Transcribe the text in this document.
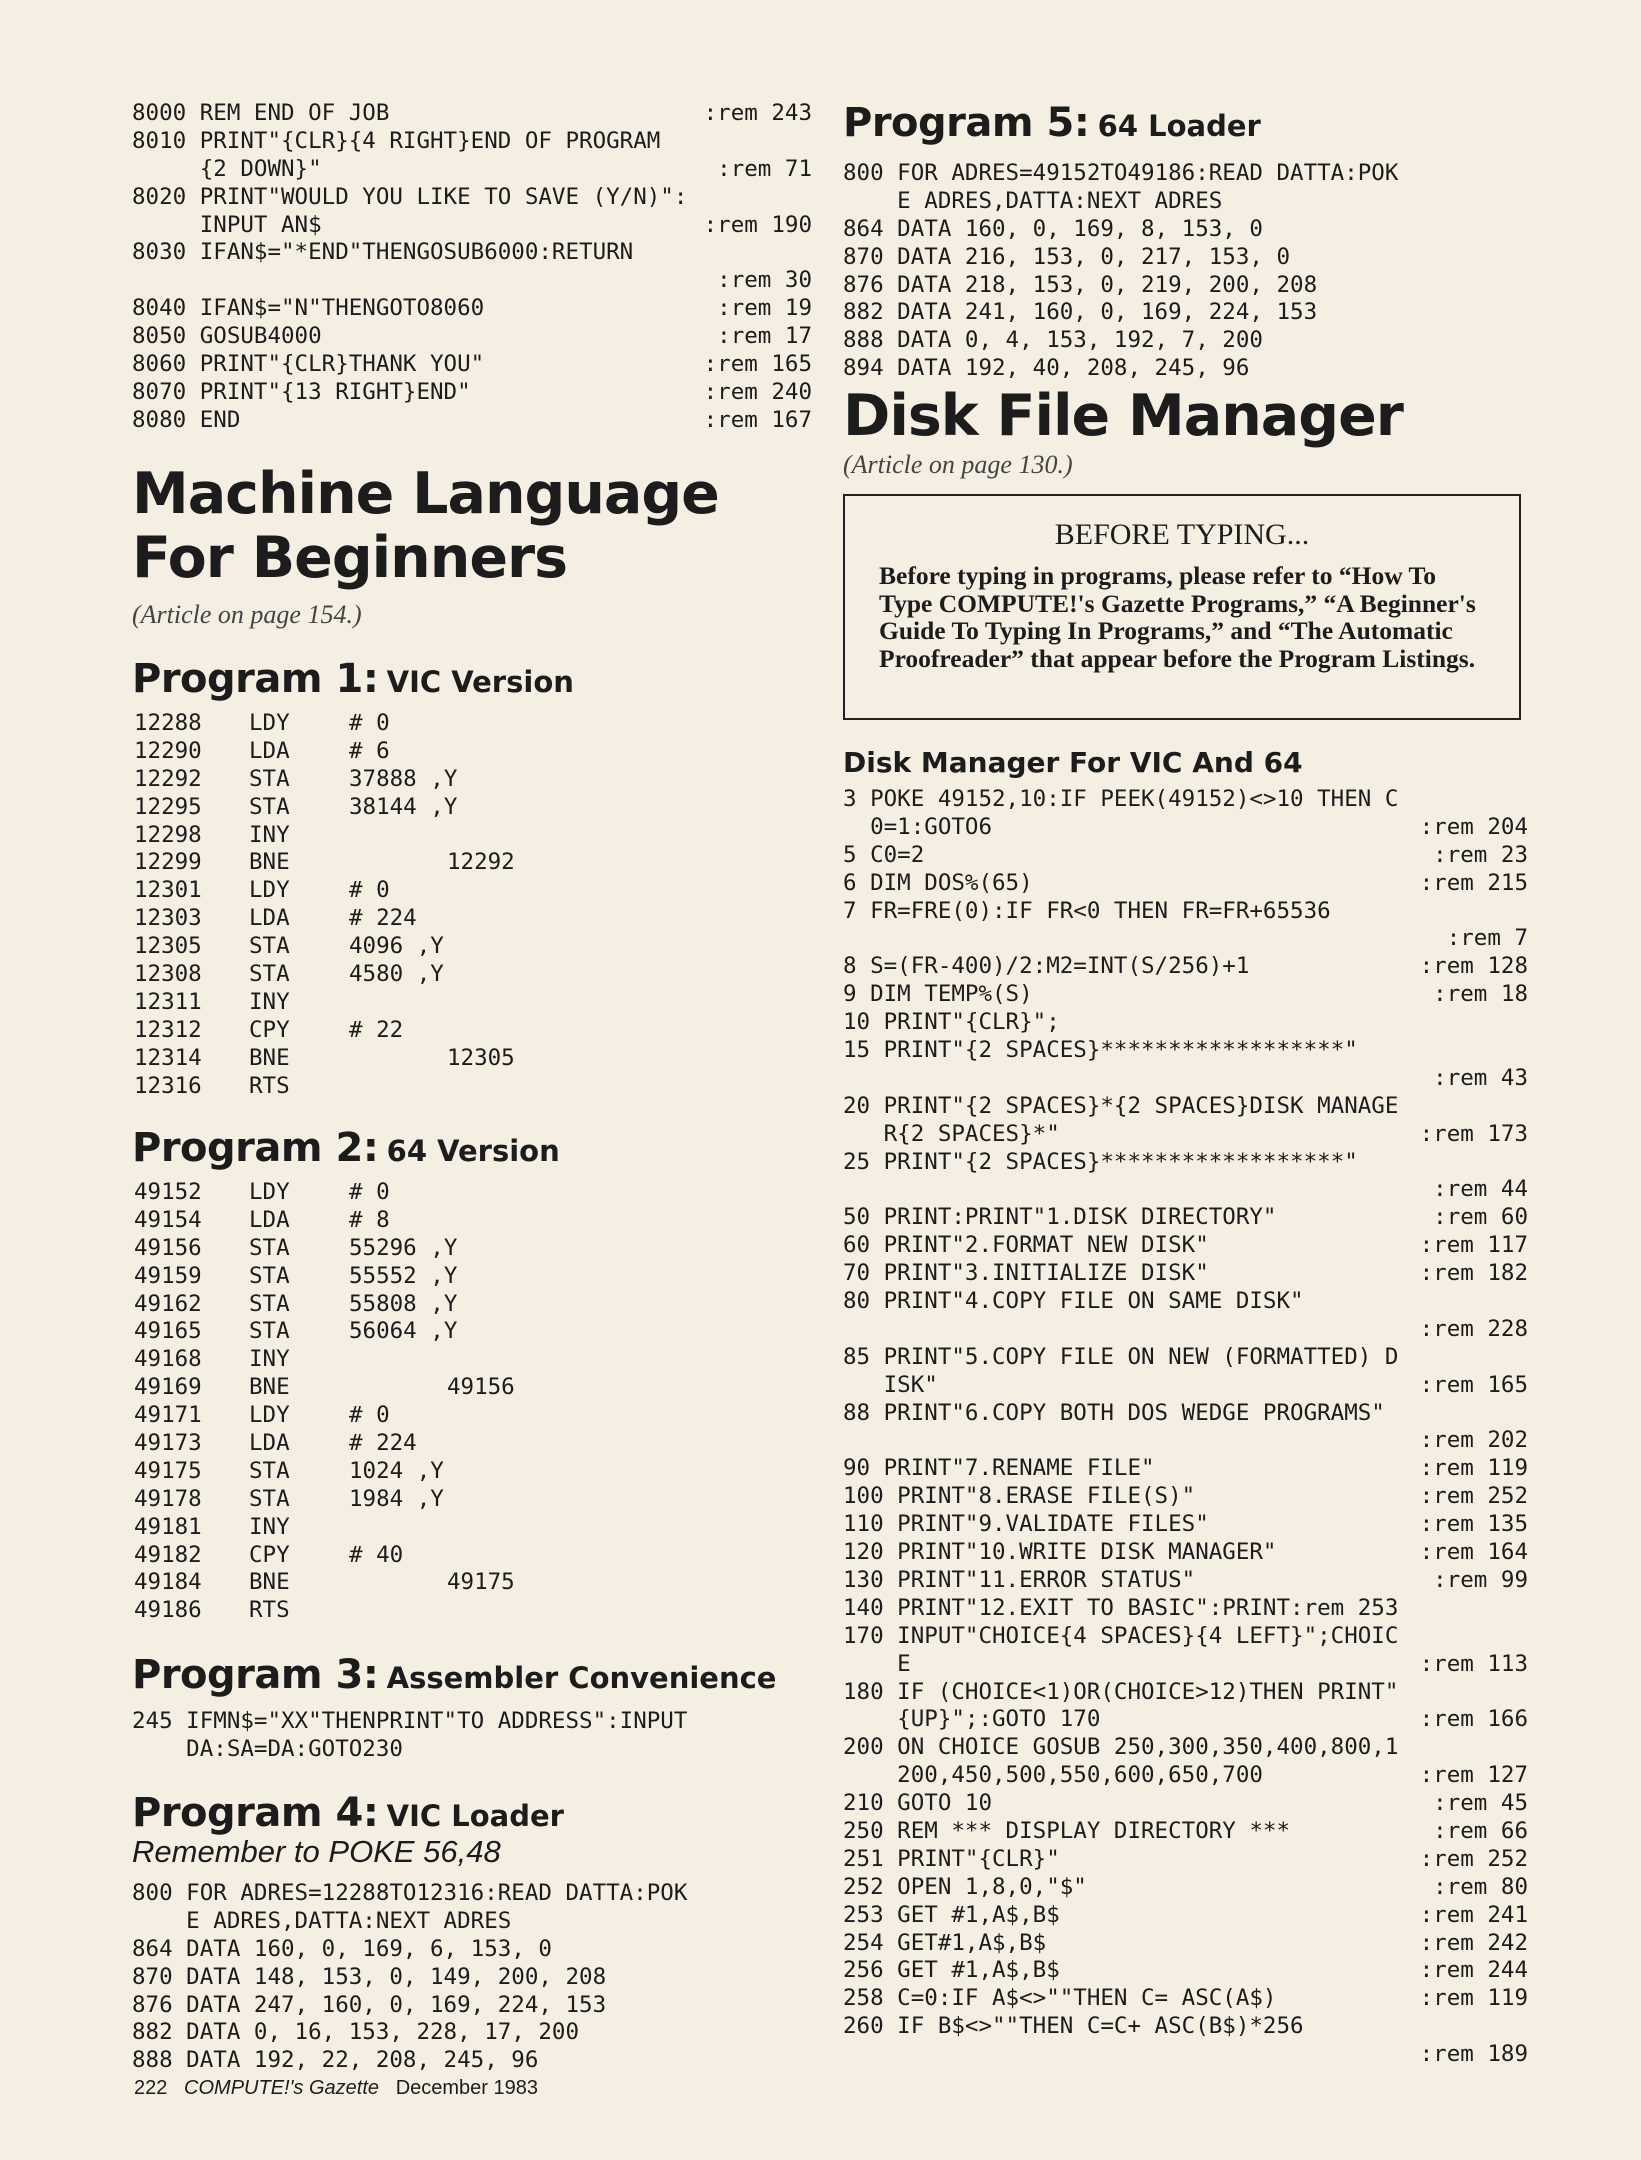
8000 REM END OF JOB	:rem 243
8010 PRINT"{CLR}{4 RIGHT}END OF PROGRAM
{2 DOWN}"	:rem 71
8020 PRINT"WOULD YOU LIKE TO SAVE (Y/N)":
INPUT AN$	:rem 190
8030 IFAN$="*END"THENGOSUB6000:RETURN
:rem 30
8040 IFAN$="N"THENGOTO8060	:rem 19
8050 GOSUB4000	:rem 17
8060 PRINT"{CLR}THANK YOU"	:rem 165
8070 PRINT"{13 RIGHT}END"	:rem 240
8080 END	:rem 167
Machine Language
For Beginners

(Article on page 154.)

Program 1: VIC Version
12288 LDY	# 0
12290 LDA	# 6
12292 STA	37888 ,Y
12295 STA	38144 ,Y
12298 INY
12299 BNE	12292
12301 LDY	# 0
12303 LDA	# 224
12305 STA	4096 ,Y
12308 STA	4580 ,Y
12311 INY
12312 CPY	# 22
12314 BNE	12305
12316 RTS
Program 2: 64 Version
49152 LDY	# 0
49154 LDA	# 8
49156 STA	55296 ,Y
49159 STA	55552 ,Y
49162 STA	55808 ,Y
49165 STA	56064 ,Y
49168 INY
49169 BNE	49156
49171 LDY	# 0
49173 LDA	# 224
49175 STA	1024 ,Y
49178 STA	1984 ,Y
49181 INY
49182 CPY	# 40
49184 BNE	49175
49186 RTS
Program 3: Assembler Convenience
245 IFMN$="XX"THENPRINT"TO ADDRESS":INPUT
DA:SA=DA:GOTO230
Program 4: VIC Loader

Remember to POKE 56,48

800 FOR ADRES=12288TO12316:READ DATTA:POK
E ADRES,DATTA:NEXT ADRES
864 DATA 160, 0, 169, 6, 153, 0
870 DATA 148, 153, 0, 149, 200, 208
876 DATA 247, 160, 0, 169, 224, 153
882 DATA 0, 16, 153, 228, 17, 200
888 DATA 192, 22, 208, 245, 96
Program 5: 64 Loader
800 FOR ADRES=49152TO49186:READ DATTA:POK
E ADRES,DATTA:NEXT ADRES
864 DATA 160, 0, 169, 8, 153, 0
870 DATA 216, 153, 0, 217, 153, 0
876 DATA 218, 153, 0, 219, 200, 208
882 DATA 241, 160, 0, 169, 224, 153
888 DATA 0, 4, 153, 192, 7, 200
894 DATA 192, 40, 208, 245, 96
Disk File Manager

(Article on page 130.)

Disk Manager For VIC And 64
3 POKE 49152,10:IF PEEK(49152)<>10 THEN C
0=1:GOTO6	:rem 204
5 C0=2	:rem 23
6 DIM DOS%(65)	:rem 215
7 FR=FRE(0):IF FR<0 THEN FR=FR+65536
:rem 7
8 S=(FR-400)/2:M2=INT(S/256)+1	:rem 128
9 DIM TEMP%(S)	:rem 18
10 PRINT"{CLR}";
15 PRINT"{2 SPACES}******************"
:rem 43
20 PRINT"{2 SPACES}*{2 SPACES}DISK MANAGE
R{2 SPACES}*"	:rem 173
25 PRINT"{2 SPACES}******************"
:rem 44
50 PRINT:PRINT"1.DISK DIRECTORY"	:rem 60
60 PRINT"2.FORMAT NEW DISK"	:rem 117
70 PRINT"3.INITIALIZE DISK"	:rem 182
80 PRINT"4.COPY FILE ON SAME DISK"
:rem 228
85 PRINT"5.COPY FILE ON NEW (FORMATTED) D
ISK"	:rem 165
88 PRINT"6.COPY BOTH DOS WEDGE PROGRAMS"
:rem 202
90 PRINT"7.RENAME FILE"	:rem 119
100 PRINT"8.ERASE FILE(S)"	:rem 252
110 PRINT"9.VALIDATE FILES"	:rem 135
120 PRINT"10.WRITE DISK MANAGER"	:rem 164
130 PRINT"11.ERROR STATUS"	:rem 99
140 PRINT"12.EXIT TO BASIC":PRINT:rem 253
170 INPUT"CHOICE{4 SPACES}{4 LEFT}";CHOIC
E	:rem 113
180 IF (CHOICE<1)OR(CHOICE>12)THEN PRINT"
{UP}";:GOTO 170	:rem 166
200 ON CHOICE GOSUB 250,300,350,400,800,1
200,450,500,550,600,650,700	:rem 127
210 GOTO 10	:rem 45
250 REM *** DISPLAY DIRECTORY ***	:rem 66
251 PRINT"{CLR}"	:rem 252
252 OPEN 1,8,0,"$"	:rem 80
253 GET #1,A$,B$	:rem 241
254 GET#1,A$,B$	:rem 242
256 GET #1,A$,B$	:rem 244
258 C=0:IF A$<>""THEN C= ASC(A$)	:rem 119
260 IF B$<>""THEN C=C+ ASC(B$)*256
:rem 189

BEFORE TYPING...

Before typing in programs, please refer to “How To Type COMPUTE!'s Gazette Programs,” “A Beginner's Guide To Typing In Programs,” and “The Automatic Proofreader” that appear before the Program Listings.

222 COMPUTE!'s Gazette December 1983
